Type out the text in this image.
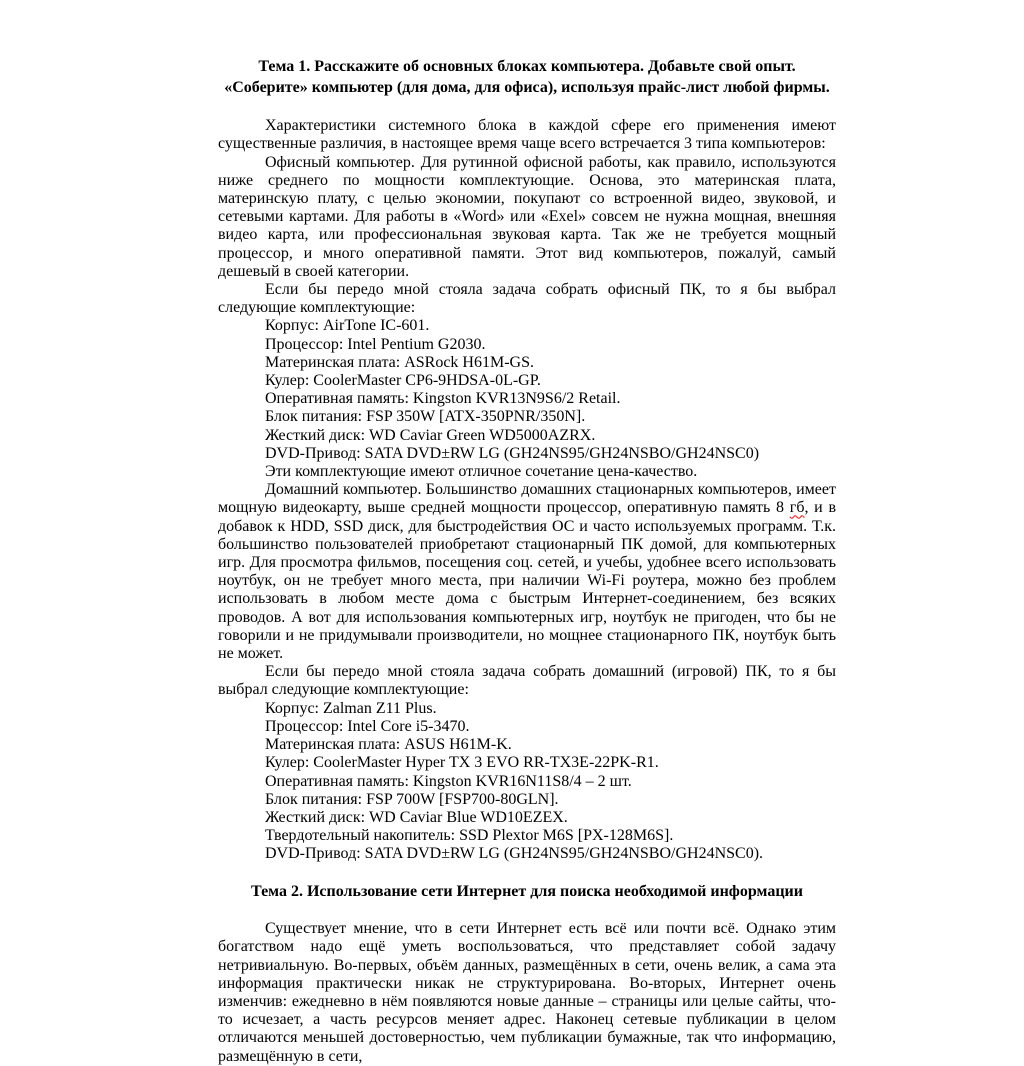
Тема 1. Расскажите об основных блоках компьютера. Добавьте свой опыт.
«Соберите» компьютер (для дома, для офиса), используя прайс-лист любой фирмы.

Характеристики системного блока в каждой сфере его применения имеют существенные различия, в настоящее время чаще всего встречается 3 типа компьютеров:

Офисный компьютер. Для рутинной офисной работы, как правило, используются ниже среднего по мощности комплектующие. Основа, это материнская плата, материнскую плату, с целью экономии, покупают со встроенной видео, звуковой, и сетевыми картами. Для работы в «Word» или «Exel» совсем не нужна мощная, внешняя видео карта, или профессиональная звуковая карта. Так же не требуется мощный процессор, и много оперативной памяти. Этот вид компьютеров, пожалуй, самый дешевый в своей категории.

Если бы передо мной стояла задача собрать офисный ПК, то я бы выбрал следующие комплектующие:

Корпус: AirTone IC-601.

Процессор: Intel Pentium G2030.

Материнская плата: ASRock H61M-GS.

Кулер: CoolerMaster CP6-9HDSA-0L-GP.

Оперативная память: Kingston KVR13N9S6/2 Retail.

Блок питания: FSP 350W [ATX-350PNR/350N].

Жесткий диск: WD Caviar Green WD5000AZRX.

DVD-Привод: SATA DVD±RW LG (GH24NS95/GH24NSBO/GH24NSC0)

Эти комплектующие имеют отличное сочетание цена-качество.

Домашний компьютер. Большинство домашних стационарных компьютеров, имеет мощную видеокарту, выше средней мощности процессор, оперативную память 8 гб, и в добавок к HDD, SSD диск, для быстродействия ОС и часто используемых программ. Т.к. большинство пользователей приобретают стационарный ПК домой, для компьютерных игр. Для просмотра фильмов, посещения соц. сетей, и учебы, удобнее всего использовать ноутбук, он не требует много места, при наличии Wi-Fi роутера, можно без проблем использовать в любом месте дома с быстрым Интернет-соединением, без всяких проводов. А вот для использования компьютерных игр, ноутбук не пригоден, что бы не говорили и не придумывали производители, но мощнее стационарного ПК, ноутбук быть не может.

Если бы передо мной стояла задача собрать домашний (игровой) ПК, то я бы выбрал следующие комплектующие:

Корпус: Zalman Z11 Plus.

Процессор: Intel Core i5-3470.

Материнская плата: ASUS H61M-K.

Кулер: CoolerMaster Hyper TX 3 EVO RR-TX3E-22PK-R1.

Оперативная память: Kingston KVR16N11S8/4 – 2 шт.

Блок питания: FSP 700W [FSP700-80GLN].

Жесткий диск: WD Caviar Blue WD10EZEX.

Твердотельный накопитель: SSD Plextor M6S [PX-128M6S].

DVD-Привод: SATA DVD±RW LG (GH24NS95/GH24NSBO/GH24NSC0).

Тема 2. Использование сети Интернет для поиска необходимой информации

Существует мнение, что в сети Интернет есть всё или почти всё. Однако этим богатством надо ещё уметь воспользоваться, что представляет собой задачу нетривиальную. Во-первых, объём данных, размещённых в сети, очень велик, а сама эта информация практически никак не структурирована. Во-вторых, Интернет очень изменчив: ежедневно в нём появляются новые данные – страницы или целые сайты, что-то исчезает, а часть ресурсов меняет адрес. Наконец сетевые публикации в целом отличаются меньшей достоверностью, чем публикации бумажные, так что информацию, размещённую в сети,
